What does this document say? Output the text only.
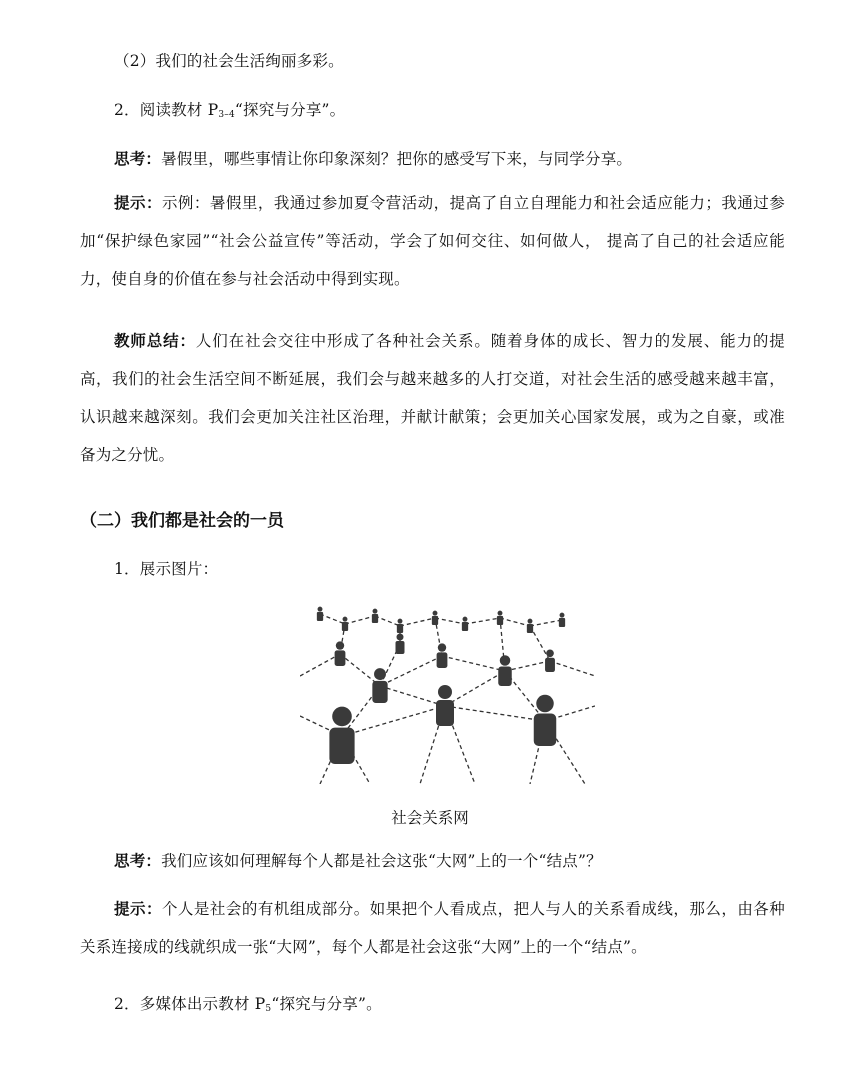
（2）我们的社会生活绚丽多彩。
2．阅读教材 $P_{3-4}“$探究与分享”。
思考：暑假里，哪些事情让你印象深刻？把你的感受写下来，与同学分享。
提示：示例：暑假里，我通过参加夏令营活动，提高了自立自理能力和社会适应能力；我通过参加“保护绿色家园”“社会公益宣传”等活动，学会了如何交往、如何做人， 提高了自己的社会适应能力，使自身的价值在参与社会活动中得到实现。
教师总结：人们在社会交往中形成了各种社会关系。随着身体的成长、智力的发展、能力的提高，我们的社会生活空间不断延展，我们会与越来越多的人打交道，对社会生活的感受越来越丰富，认识越来越深刻。我们会更加关注社区治理，并献计献策；会更加关心国家发展，或为之自豪，或准备为之分忧。
（二）我们都是社会的一员
1．展示图片：
社会关系网
思考：我们应该如何理解每个人都是社会这张“大网”上的一个“结点”？
提示：个人是社会的有机组成部分。如果把个人看成点，把人与人的关系看成线，那么，由各种关系连接成的线就织成一张“大网”，每个人都是社会这张“大网”上的一个“结点”。
2．多媒体出示教材 $P_5“$探究与分享”。
